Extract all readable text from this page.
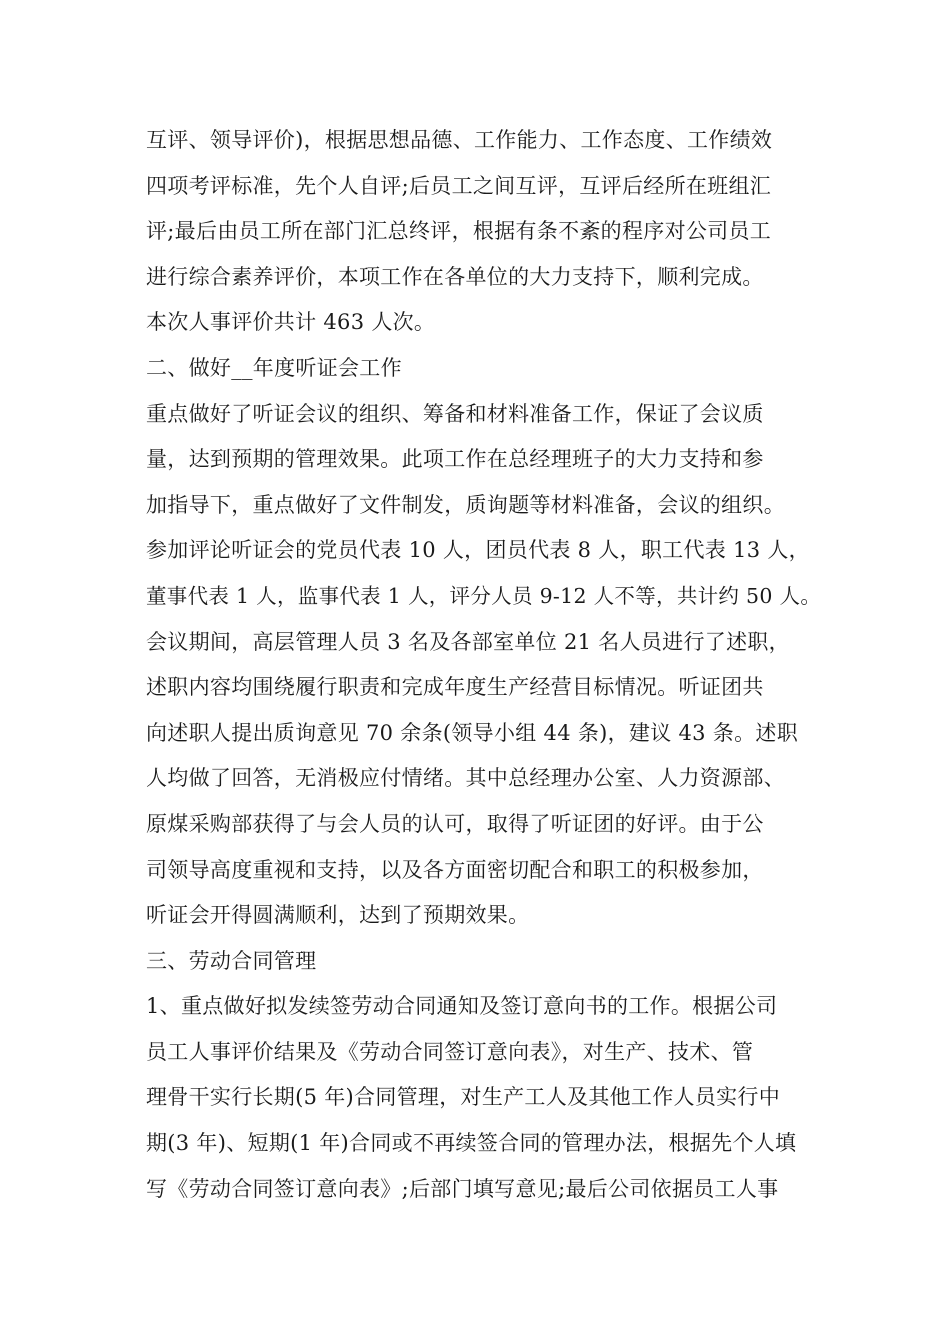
互评、领导评价)，根据思想品德、工作能力、工作态度、工作绩效
四项考评标准，先个人自评;后员工之间互评，互评后经所在班组汇
评;最后由员工所在部门汇总终评，根据有条不紊的程序对公司员工
进行综合素养评价，本项工作在各单位的大力支持下，顺利完成。
本次人事评价共计 463 人次。
二、做好__年度听证会工作
重点做好了听证会议的组织、筹备和材料准备工作，保证了会议质
量，达到预期的管理效果。此项工作在总经理班子的大力支持和参
加指导下，重点做好了文件制发，质询题等材料准备，会议的组织。
参加评论听证会的党员代表 10 人，团员代表 8 人，职工代表 13 人，
董事代表 1 人，监事代表 1 人，评分人员 9-12 人不等，共计约 50 人。
会议期间，高层管理人员 3 名及各部室单位 21 名人员进行了述职，
述职内容均围绕履行职责和完成年度生产经营目标情况。听证团共
向述职人提出质询意见 70 余条(领导小组 44 条)，建议 43 条。述职
人均做了回答，无消极应付情绪。其中总经理办公室、人力资源部、
原煤采购部获得了与会人员的认可，取得了听证团的好评。由于公
司领导高度重视和支持，以及各方面密切配合和职工的积极参加，
听证会开得圆满顺利，达到了预期效果。
三、劳动合同管理
1、重点做好拟发续签劳动合同通知及签订意向书的工作。根据公司
员工人事评价结果及《劳动合同签订意向表》，对生产、技术、管
理骨干实行长期(5 年)合同管理，对生产工人及其他工作人员实行中
期(3 年)、短期(1 年)合同或不再续签合同的管理办法，根据先个人填
写《劳动合同签订意向表》;后部门填写意见;最后公司依据员工人事
